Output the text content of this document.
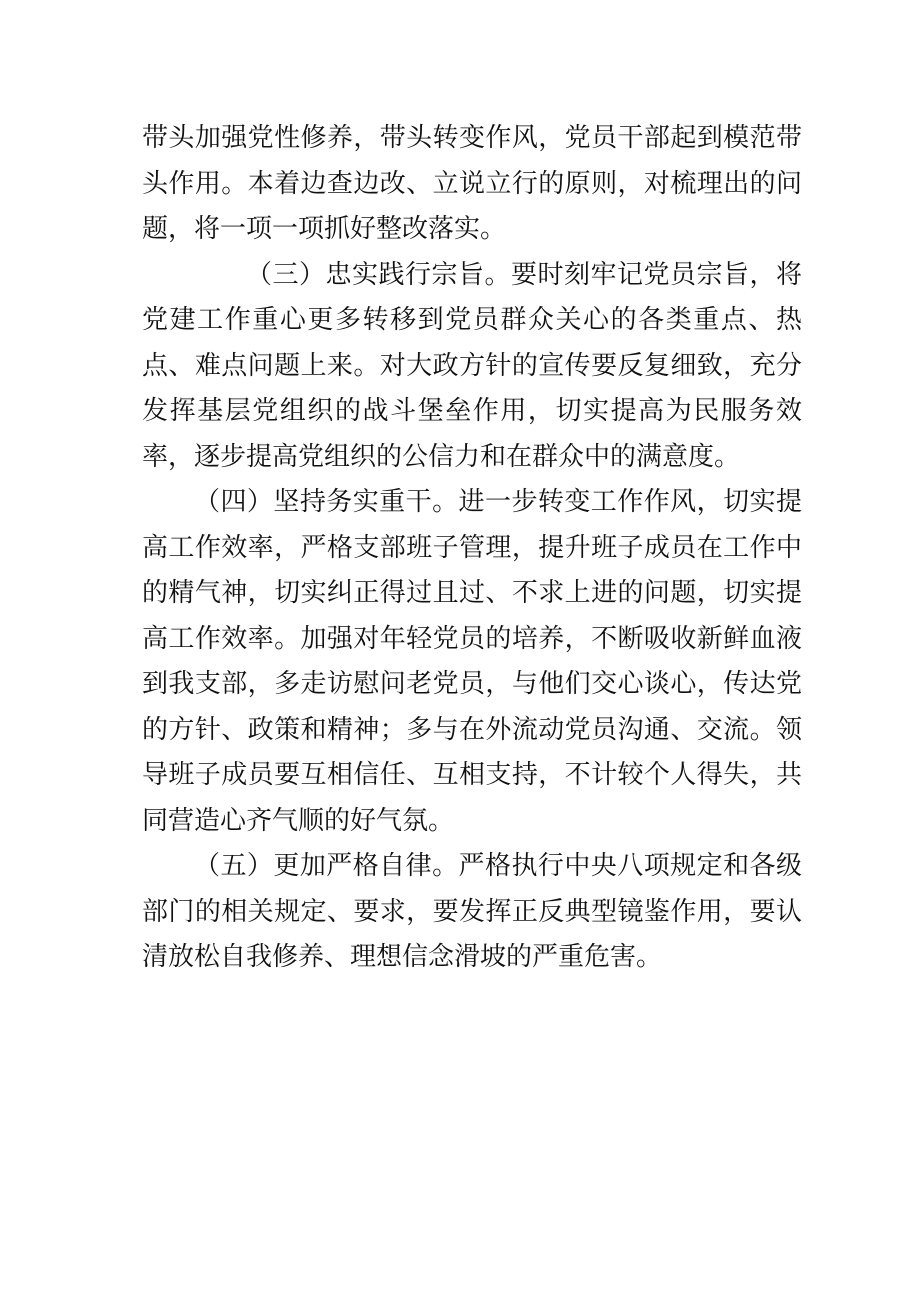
带头加强党性修养，带头转变作风，党员干部起到模范带头作用。本着边查边改、立说立行的原则，对梳理出的问题，将一项一项抓好整改落实。

（三）忠实践行宗旨。要时刻牢记党员宗旨，将党建工作重心更多转移到党员群众关心的各类重点、热点、难点问题上来。对大政方针的宣传要反复细致，充分发挥基层党组织的战斗堡垒作用，切实提高为民服务效率，逐步提高党组织的公信力和在群众中的满意度。

（四）坚持务实重干。进一步转变工作作风，切实提高工作效率，严格支部班子管理，提升班子成员在工作中的精气神，切实纠正得过且过、不求上进的问题，切实提高工作效率。加强对年轻党员的培养，不断吸收新鲜血液到我支部，多走访慰问老党员，与他们交心谈心，传达党的方针、政策和精神；多与在外流动党员沟通、交流。领导班子成员要互相信任、互相支持，不计较个人得失，共同营造心齐气顺的好气氛。

（五）更加严格自律。严格执行中央八项规定和各级部门的相关规定、要求，要发挥正反典型镜鉴作用，要认清放松自我修养、理想信念滑坡的严重危害。
